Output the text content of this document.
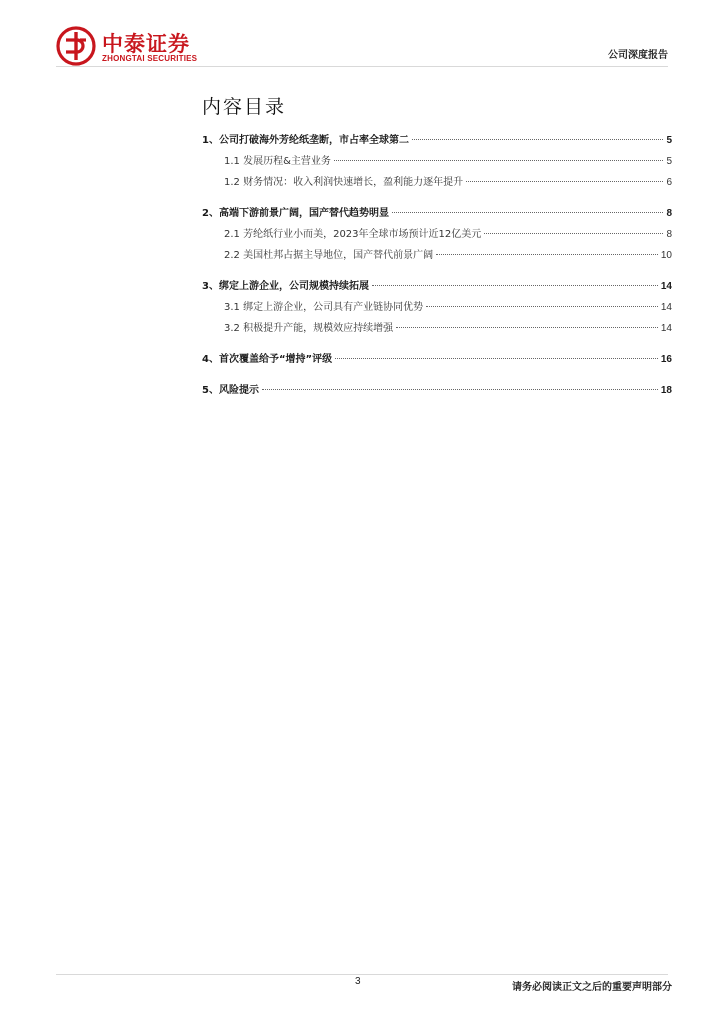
中泰证券
ZHONGTAI SECURITIES	公司深度报告
内容目录
1、公司打破海外芳纶纸垄断，市占率全球第二	5
1.1 发展历程&主营业务	5
1.2 财务情况：收入利润快速增长，盈利能力逐年提升	6
2、高端下游前景广阔，国产替代趋势明显	8
2.1 芳纶纸行业小而美，2023年全球市场预计近12亿美元	8
2.2 美国杜邦占据主导地位，国产替代前景广阔	10
3、绑定上游企业，公司规模持续拓展	14
3.1 绑定上游企业，公司具有产业链协同优势	14
3.2 积极提升产能，规模效应持续增强	14
4、首次覆盖给予“增持”评级	16
5、风险提示	18
3
请务必阅读正文之后的重要声明部分
